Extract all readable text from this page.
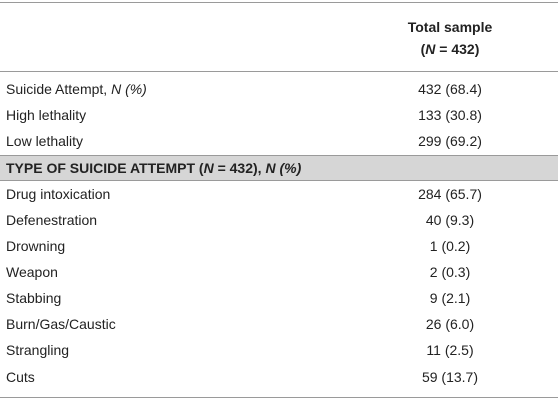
Total sample
(N = 432)
Suicide Attempt, N (%)	432 (68.4)
High lethality	133 (30.8)
Low lethality	299 (69.2)
TYPE OF SUICIDE ATTEMPT (N = 432), N (%)
Drug intoxication	284 (65.7)
Defenestration	40 (9.3)
Drowning	1 (0.2)
Weapon	2 (0.3)
Stabbing	9 (2.1)
Burn/Gas/Caustic	26 (6.0)
Strangling	11 (2.5)
Cuts	59 (13.7)
